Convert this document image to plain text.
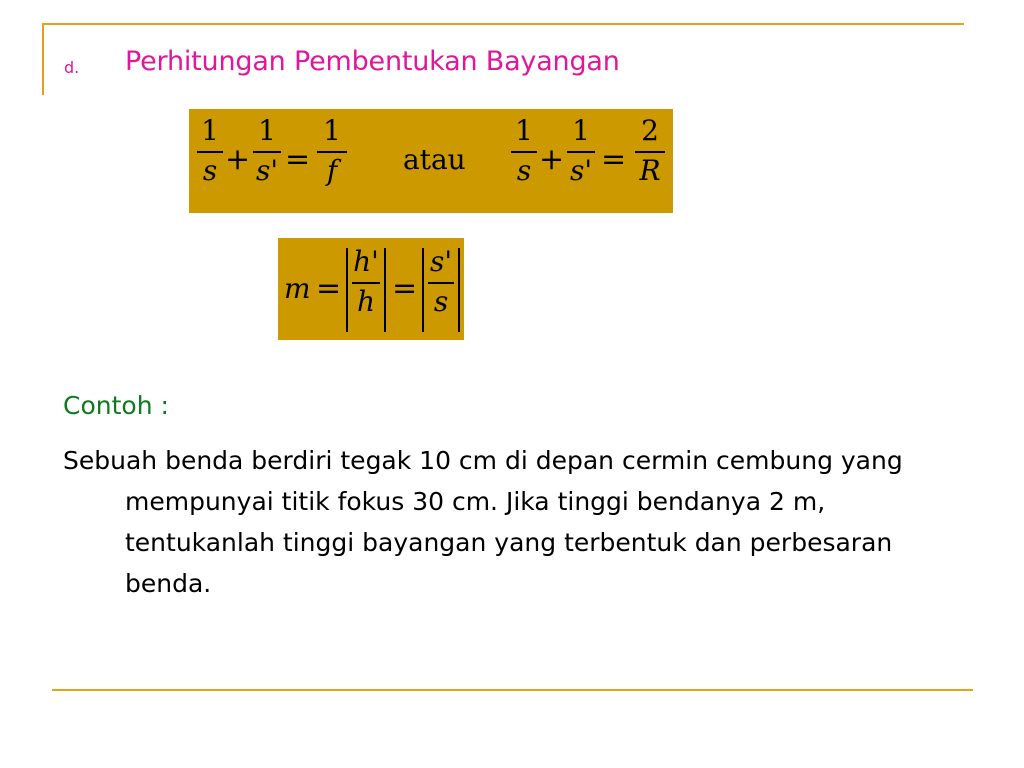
d. Perhitungan Pembentukan Bayangan
1
s +
1
s' =
1
f	atau
1
s +
1
s' =
2
R
m =
h'
h =
s'
s
Contoh :
Sebuah benda berdiri tegak 10 cm di depan cermin cembung yang mempunyai titik fokus 30 cm. Jika tinggi bendanya 2 m, tentukanlah tinggi bayangan yang terbentuk dan perbesaran benda.
